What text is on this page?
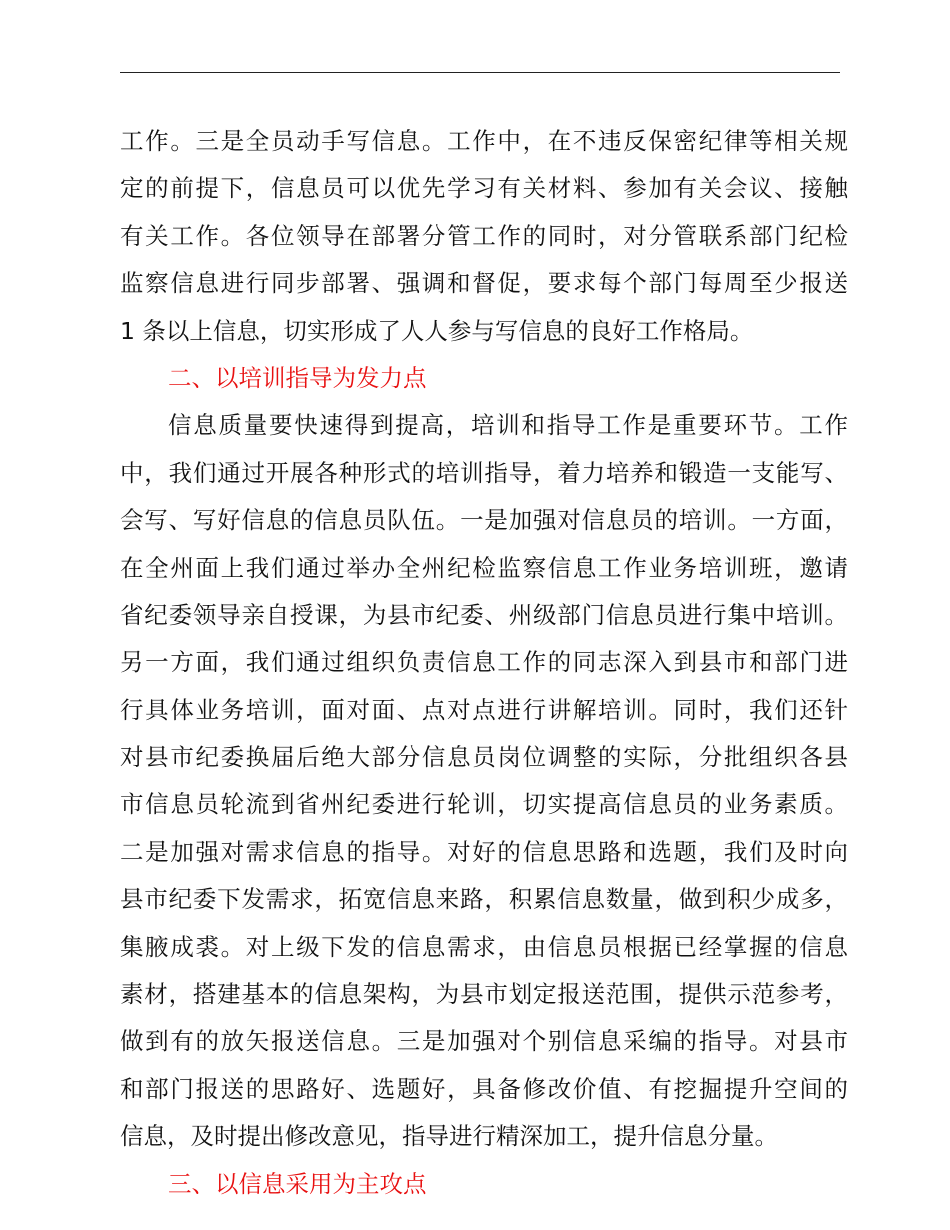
工作。三是全员动手写信息。工作中，在不违反保密纪律等相关规
定的前提下，信息员可以优先学习有关材料、参加有关会议、接触
有关工作。各位领导在部署分管工作的同时，对分管联系部门纪检
监察信息进行同步部署、强调和督促，要求每个部门每周至少报送
1 条以上信息，切实形成了人人参与写信息的良好工作格局。
二、以培训指导为发力点
信息质量要快速得到提高，培训和指导工作是重要环节。工作
中，我们通过开展各种形式的培训指导，着力培养和锻造一支能写、
会写、写好信息的信息员队伍。一是加强对信息员的培训。一方面，
在全州面上我们通过举办全州纪检监察信息工作业务培训班，邀请
省纪委领导亲自授课，为县市纪委、州级部门信息员进行集中培训。
另一方面，我们通过组织负责信息工作的同志深入到县市和部门进
行具体业务培训，面对面、点对点进行讲解培训。同时，我们还针
对县市纪委换届后绝大部分信息员岗位调整的实际，分批组织各县
市信息员轮流到省州纪委进行轮训，切实提高信息员的业务素质。
二是加强对需求信息的指导。对好的信息思路和选题，我们及时向
县市纪委下发需求，拓宽信息来路，积累信息数量，做到积少成多，
集腋成裘。对上级下发的信息需求，由信息员根据已经掌握的信息
素材，搭建基本的信息架构，为县市划定报送范围，提供示范参考，
做到有的放矢报送信息。三是加强对个别信息采编的指导。对县市
和部门报送的思路好、选题好，具备修改价值、有挖掘提升空间的
信息，及时提出修改意见，指导进行精深加工，提升信息分量。
三、以信息采用为主攻点
